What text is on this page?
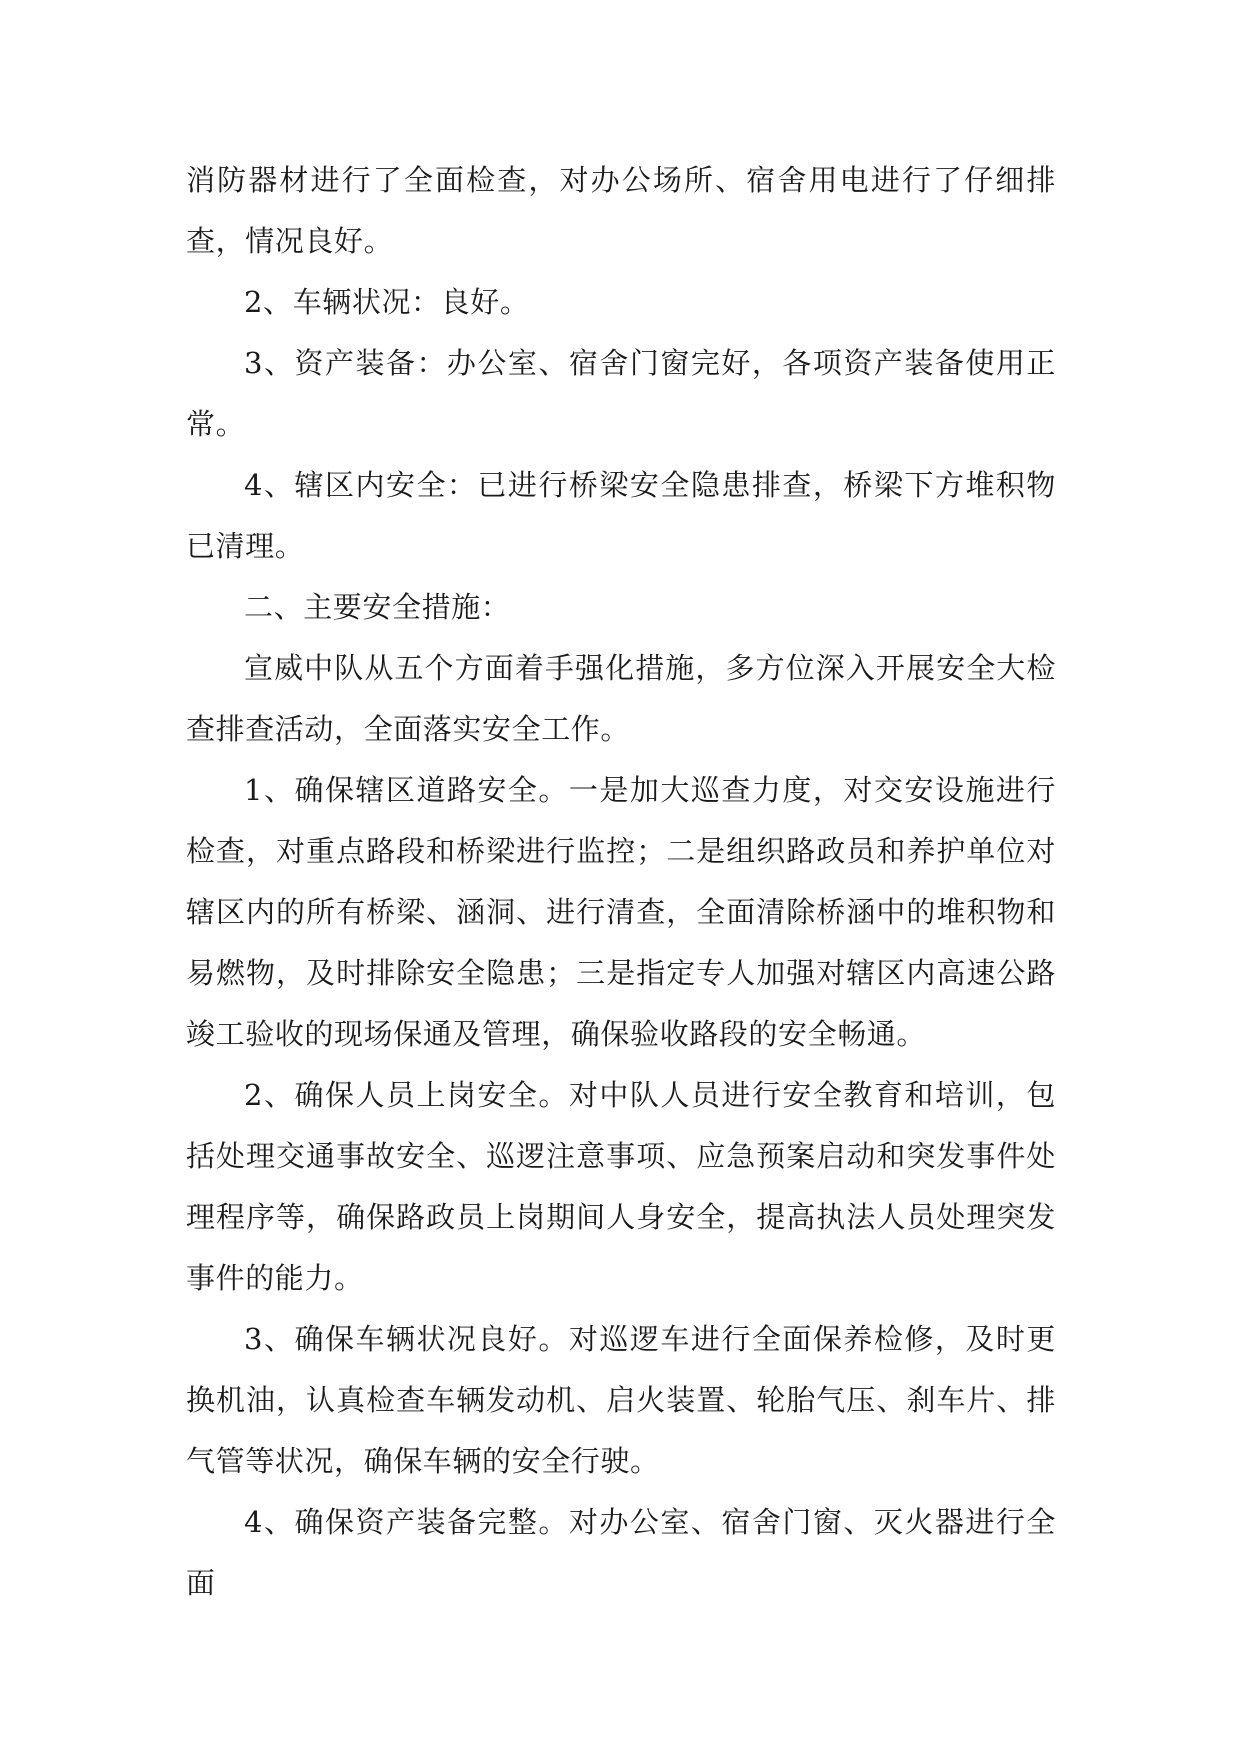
消防器材进行了全面检查，对办公场所、宿舍用电进行了仔细排查，情况良好。

2、车辆状况：良好。

3、资产装备：办公室、宿舍门窗完好，各项资产装备使用正常。

4、辖区内安全：已进行桥梁安全隐患排查，桥梁下方堆积物已清理。

二、主要安全措施：

宣威中队从五个方面着手强化措施，多方位深入开展安全大检查排查活动，全面落实安全工作。

1、确保辖区道路安全。一是加大巡查力度，对交安设施进行检查，对重点路段和桥梁进行监控；二是组织路政员和养护单位对辖区内的所有桥梁、涵洞、进行清查，全面清除桥涵中的堆积物和易燃物，及时排除安全隐患；三是指定专人加强对辖区内高速公路竣工验收的现场保通及管理，确保验收路段的安全畅通。

2、确保人员上岗安全。对中队人员进行安全教育和培训，包括处理交通事故安全、巡逻注意事项、应急预案启动和突发事件处理程序等，确保路政员上岗期间人身安全，提高执法人员处理突发事件的能力。

3、确保车辆状况良好。对巡逻车进行全面保养检修，及时更换机油，认真检查车辆发动机、启火装置、轮胎气压、刹车片、排气管等状况，确保车辆的安全行驶。

4、确保资产装备完整。对办公室、宿舍门窗、灭火器进行全面
